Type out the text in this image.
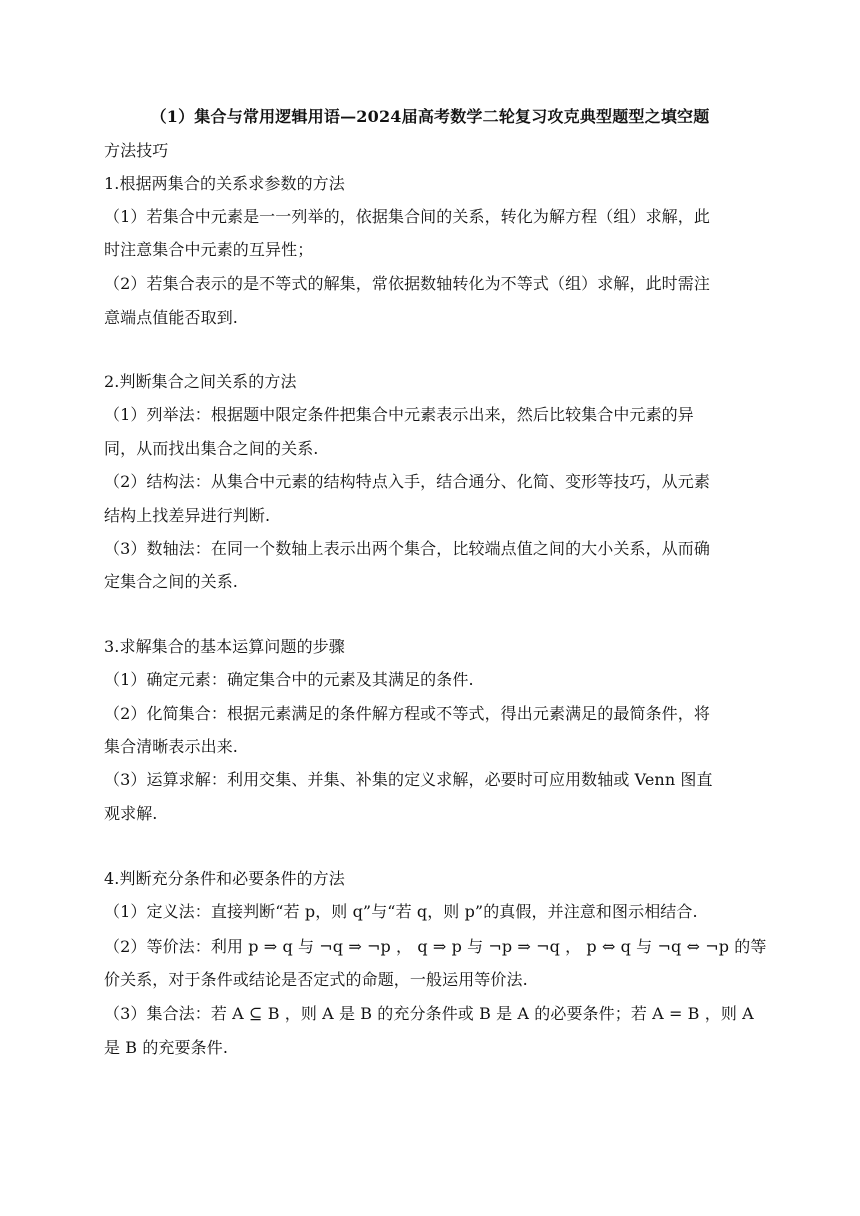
（1）集合与常用逻辑用语—2024届高考数学二轮复习攻克典型题型之填空题
方法技巧
1.根据两集合的关系求参数的方法
（1）若集合中元素是一一列举的，依据集合间的关系，转化为解方程（组）求解，此
时注意集合中元素的互异性；
（2）若集合表示的是不等式的解集，常依据数轴转化为不等式（组）求解，此时需注
意端点值能否取到.
2.判断集合之间关系的方法
（1）列举法：根据题中限定条件把集合中元素表示出来，然后比较集合中元素的异
同，从而找出集合之间的关系.
（2）结构法：从集合中元素的结构特点入手，结合通分、化简、变形等技巧，从元素
结构上找差异进行判断.
（3）数轴法：在同一个数轴上表示出两个集合，比较端点值之间的大小关系，从而确
定集合之间的关系.
3.求解集合的基本运算问题的步骤
（1）确定元素：确定集合中的元素及其满足的条件.
（2）化简集合：根据元素满足的条件解方程或不等式，得出元素满足的最简条件，将
集合清晰表示出来.
（3）运算求解：利用交集、并集、补集的定义求解，必要时可应用数轴或 Venn 图直
观求解.
4.判断充分条件和必要条件的方法
（1）定义法：直接判断“若 p，则 q”与“若 q，则 p”的真假，并注意和图示相结合.
（2）等价法：利用 p ⇒ q 与 ¬q ⇒ ¬p ， q ⇒ p 与 ¬p ⇒ ¬q ， p ⇔ q 与 ¬q ⇔ ¬p 的等
价关系，对于条件或结论是否定式的命题，一般运用等价法.
（3）集合法：若 A ⊆ B ，则 A 是 B 的充分条件或 B 是 A 的必要条件；若 A = B ，则 A
是 B 的充要条件.
